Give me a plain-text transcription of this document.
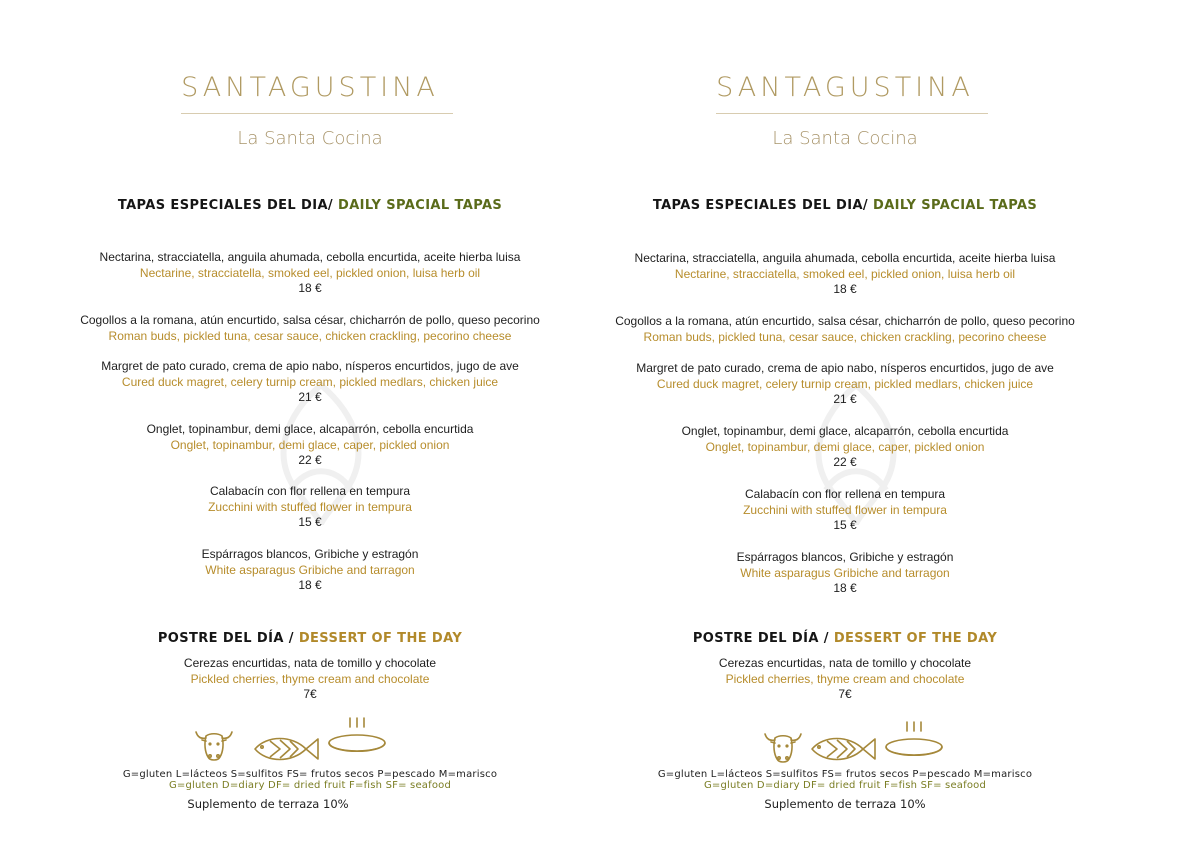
SANTAGUSTINA
La Santa Cocina
TAPAS ESPECIALES DEL DIA/ DAILY SPACIAL TAPAS
Nectarina, stracciatella, anguila ahumada, cebolla encurtida, aceite hierba luisa
Nectarine, stracciatella, smoked eel, pickled onion, luisa herb oil
18 €
Cogollos a la romana, atún encurtido, salsa césar, chicharrón de pollo, queso pecorino
Roman buds, pickled tuna, cesar sauce, chicken crackling, pecorino cheese
Margret de pato curado, crema de apio nabo, nísperos encurtidos, jugo de ave
Cured duck magret, celery turnip cream, pickled medlars, chicken juice
21 €
Onglet, topinambur, demi glace, alcaparrón, cebolla encurtida
Onglet, topinambur, demi glace, caper, pickled onion
22 €
Calabacín con flor rellena en tempura
Zucchini with stuffed flower in tempura
15 €
Espárragos blancos, Gribiche y estragón
White asparagus Gribiche and tarragon
18 €
POSTRE DEL DÍA / DESSERT OF THE DAY
Cerezas encurtidas, nata de tomillo y chocolate
Pickled cherries, thyme cream and chocolate
7€
G=gluten L=lácteos S=sulfitos FS= frutos secos P=pescado M=marisco
G=gluten D=diary DF= dried fruit F=fish SF= seafood
Suplemento de terraza 10%
SANTAGUSTINA
La Santa Cocina
TAPAS ESPECIALES DEL DIA/ DAILY SPACIAL TAPAS
Nectarina, stracciatella, anguila ahumada, cebolla encurtida, aceite hierba luisa
Nectarine, stracciatella, smoked eel, pickled onion, luisa herb oil
18 €
Cogollos a la romana, atún encurtido, salsa césar, chicharrón de pollo, queso pecorino
Roman buds, pickled tuna, cesar sauce, chicken crackling, pecorino cheese
Margret de pato curado, crema de apio nabo, nísperos encurtidos, jugo de ave
Cured duck magret, celery turnip cream, pickled medlars, chicken juice
21 €
Onglet, topinambur, demi glace, alcaparrón, cebolla encurtida
Onglet, topinambur, demi glace, caper, pickled onion
22 €
Calabacín con flor rellena en tempura
Zucchini with stuffed flower in tempura
15 €
Espárragos blancos, Gribiche y estragón
White asparagus Gribiche and tarragon
18 €
POSTRE DEL DÍA / DESSERT OF THE DAY
Cerezas encurtidas, nata de tomillo y chocolate
Pickled cherries, thyme cream and chocolate
7€
G=gluten L=lácteos S=sulfitos FS= frutos secos P=pescado M=marisco
G=gluten D=diary DF= dried fruit F=fish SF= seafood
Suplemento de terraza 10%
